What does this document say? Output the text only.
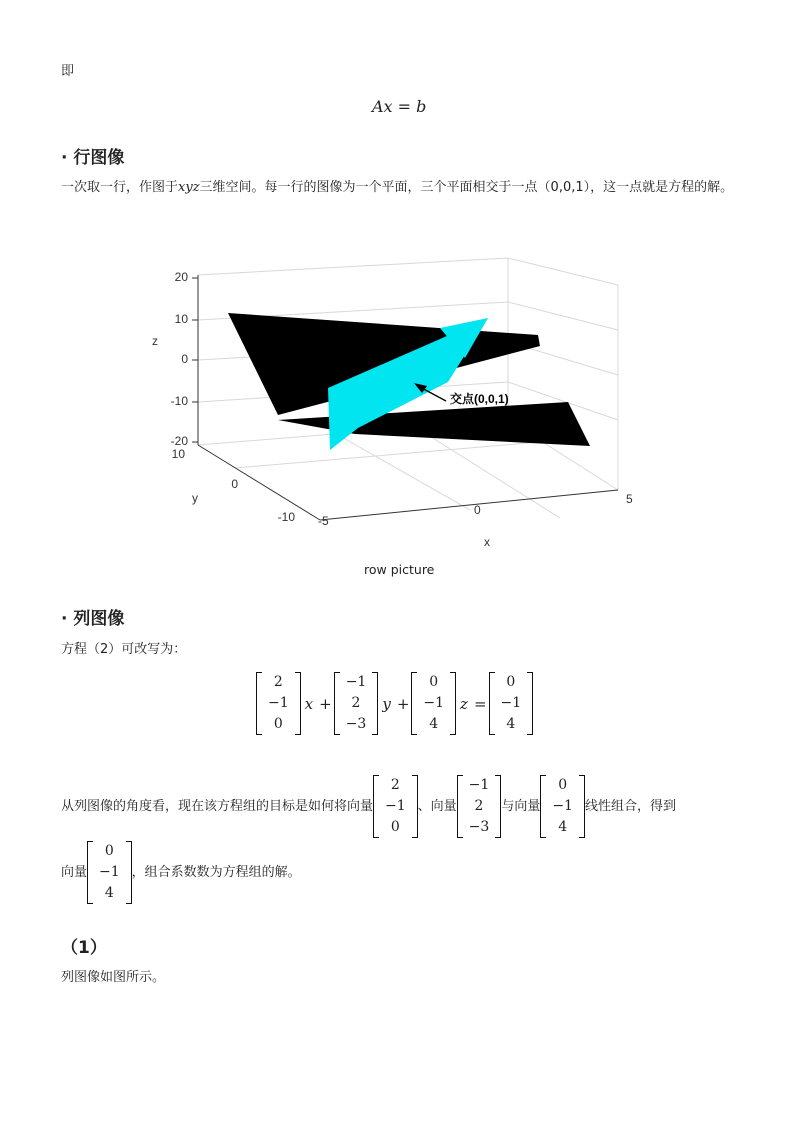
即
Ax = b
· 行图像
一次取一行，作图于xyz三维空间。每一行的图像为一个平面，三个平面相交于一点（0,0,1），这一点就是方程的解。
交点(0,0,1)
20
10
0
-10
-20
z
10
0
-10
y
-5
0
5
x
row picture
· 列图像
方程（2）可改写为：
2
−1
0
x +
−1
2
−3
y +
0
−1
4
z =
0
−1
4
从列图像的角度看，现在该方程组的目标是如何将向量
2
−1
0
、向量
−1
2
−3
与向量
0
−1
4
线性组合，得到
向量
0
−1
4
，组合系数数为方程组的解。
（1）
列图像如图所示。
